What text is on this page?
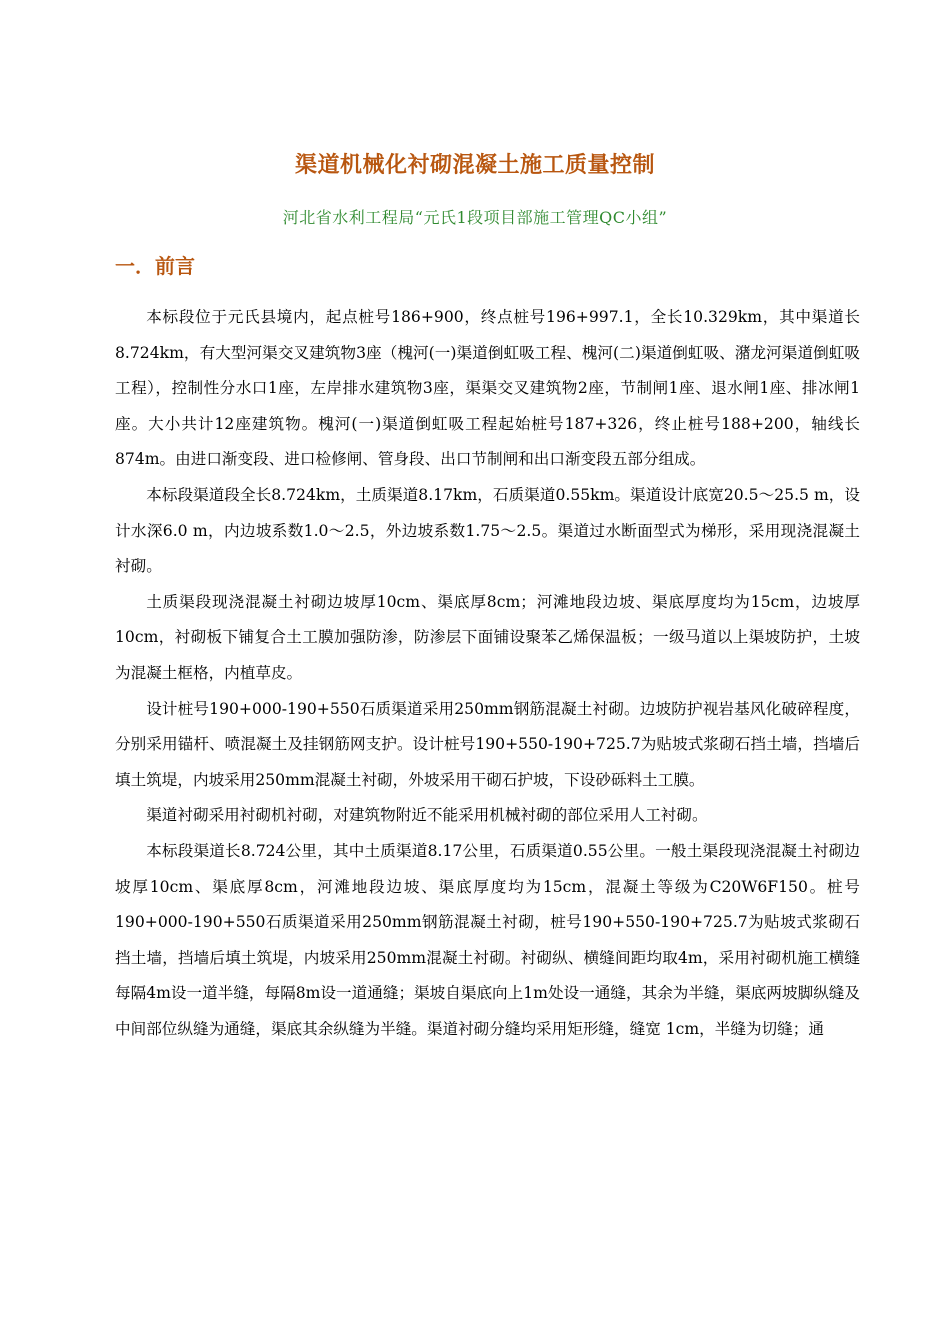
渠道机械化衬砌混凝土施工质量控制
河北省水利工程局“元氏1段项目部施工管理QC小组”
一．前言

本标段位于元氏县境内，起点桩号186+900，终点桩号196+997.1，全长10.329km，其中渠道长8.724km，有大型河渠交叉建筑物3座（槐河(一)渠道倒虹吸工程、槐河(二)渠道倒虹吸、潴龙河渠道倒虹吸工程），控制性分水口1座，左岸排水建筑物3座，渠渠交叉建筑物2座，节制闸1座、退水闸1座、排冰闸1座。大小共计12座建筑物。槐河(一)渠道倒虹吸工程起始桩号187+326，终止桩号188+200，轴线长874m。由进口渐变段、进口检修闸、管身段、出口节制闸和出口渐变段五部分组成。

本标段渠道段全长8.724km，土质渠道8.17km，石质渠道0.55km。渠道设计底宽20.5～25.5 m，设计水深6.0 m，内边坡系数1.0～2.5，外边坡系数1.75～2.5。渠道过水断面型式为梯形，采用现浇混凝土衬砌。

土质渠段现浇混凝土衬砌边坡厚10cm、渠底厚8cm；河滩地段边坡、渠底厚度均为15cm，边坡厚10cm，衬砌板下铺复合土工膜加强防渗，防渗层下面铺设聚苯乙烯保温板；一级马道以上渠坡防护，土坡为混凝土框格，内植草皮。

设计桩号190+000-190+550石质渠道采用250mm钢筋混凝土衬砌。边坡防护视岩基风化破碎程度，分别采用锚杆、喷混凝土及挂钢筋网支护。设计桩号190+550-190+725.7为贴坡式浆砌石挡土墙，挡墙后填土筑堤，内坡采用250mm混凝土衬砌，外坡采用干砌石护坡，下设砂砾料土工膜。

渠道衬砌采用衬砌机衬砌，对建筑物附近不能采用机械衬砌的部位采用人工衬砌。

本标段渠道长8.724公里，其中土质渠道8.17公里，石质渠道0.55公里。一般土渠段现浇混凝土衬砌边坡厚10cm、渠底厚8cm，河滩地段边坡、渠底厚度均为15cm，混凝土等级为C20W6F150。桩号190+000-190+550石质渠道采用250mm钢筋混凝土衬砌，桩号190+550-190+725.7为贴坡式浆砌石挡土墙，挡墙后填土筑堤，内坡采用250mm混凝土衬砌。衬砌纵、横缝间距均取4m，采用衬砌机施工横缝每隔4m设一道半缝，每隔8m设一道通缝；渠坡自渠底向上1m处设一通缝，其余为半缝，渠底两坡脚纵缝及中间部位纵缝为通缝，渠底其余纵缝为半缝。渠道衬砌分缝均采用矩形缝，缝宽 1cm，半缝为切缝；通
